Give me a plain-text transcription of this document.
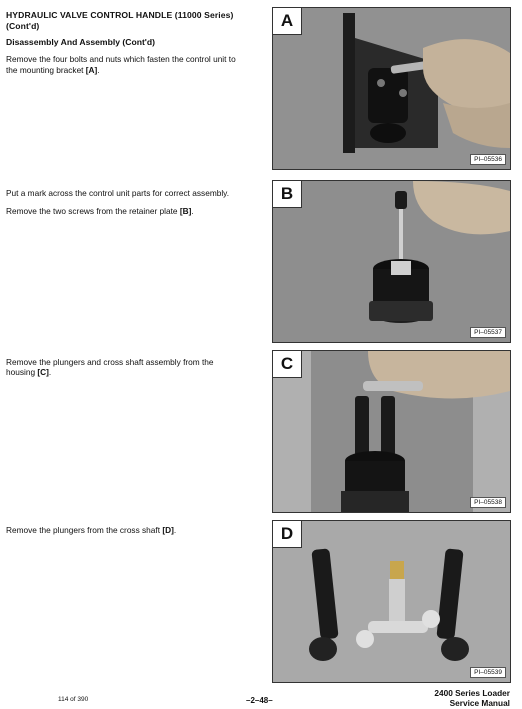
HYDRAULIC VALVE CONTROL HANDLE (11000 Series) (Cont'd)
Disassembly And Assembly (Cont'd)
Remove the four bolts and nuts which fasten the control unit to the mounting bracket [A].
Put a mark across the control unit parts for correct assembly.
Remove the two screws from the retainer plate [B].
Remove the plungers and cross shaft assembly from the housing [C].
Remove the plungers from the cross shaft [D].
A
PI–05536
B
PI–05537
C
PI–05538
D
PI–05539
114 of 390	–2–48–
2400 Series Loader
Service Manual
